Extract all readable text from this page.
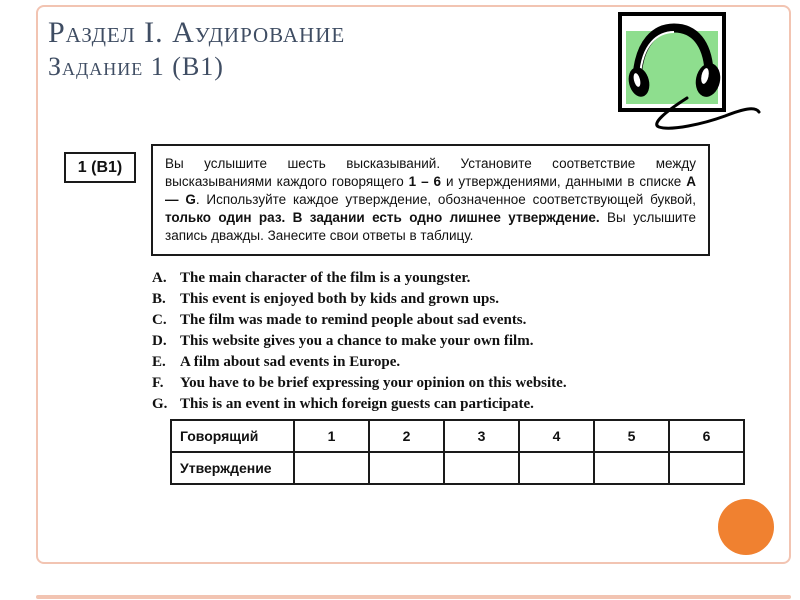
Раздел I. Аудирование
Задание 1 (В1)
1 (В1)	Вы услышите шесть высказываний. Установите соответствие между высказываниями каждого говорящего 1 – 6 и утверждениями, данными в списке A — G. Используйте каждое утверждение, обозначенное соответствующей буквой, только один раз. В задании есть одно лишнее утверждение. Вы услышите запись дважды. Занесите свои ответы в таблицу.
A. The main character of the film is a youngster.
B. This event is enjoyed both by kids and grown ups.
C. The film was made to remind people about sad events.
D. This website gives you a chance to make your own film.
E. A film about sad events in Europe.
F.	You have to be brief expressing your opinion on this website.
G. This is an event in which foreign guests can participate.
Говорящий	1	2	3	4	5	6
Утверждение						
